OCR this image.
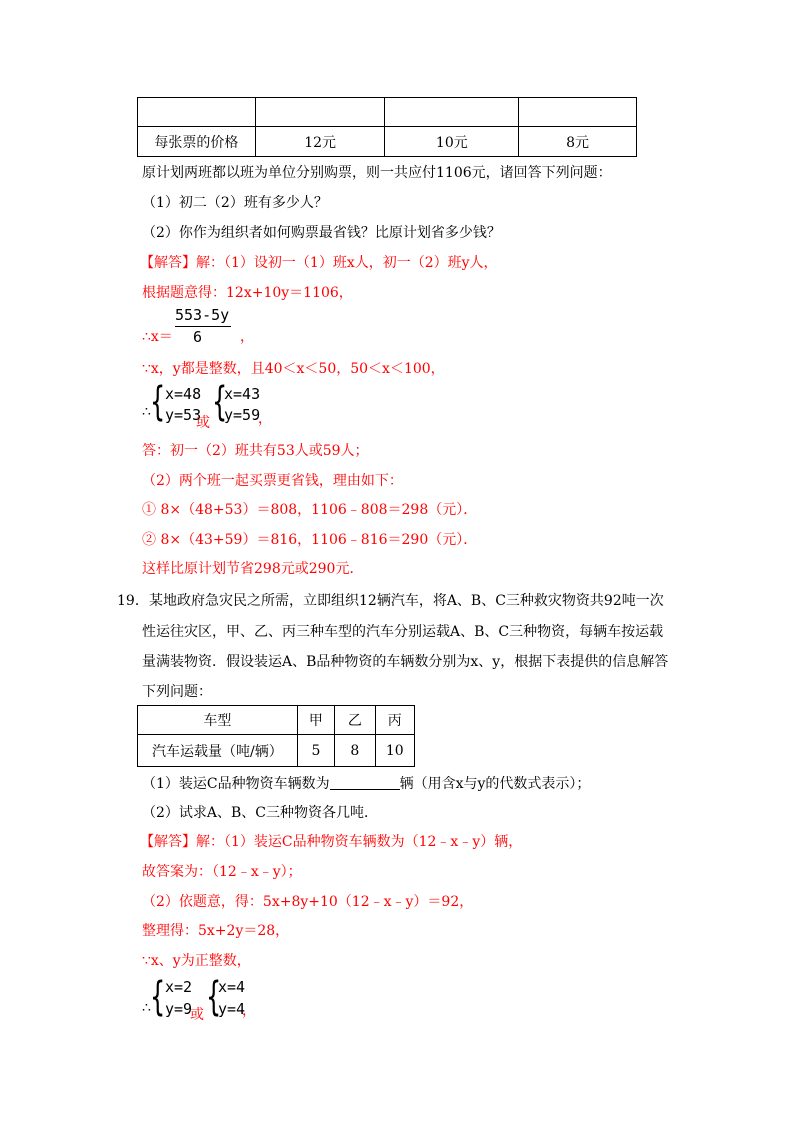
每张票的价格	12元	10元	8元
原计划两班都以班为单位分别购票，则一共应付1106元，诸回答下列问题：
（1）初二（2）班有多少人？
（2）你作为组织者如何购票最省钱？比原计划省多少钱？
【解答】解：（1）设初一（1）班x人，初一（2）班y人，
根据题意得：12x+10y＝1106，
∴x＝
553-5y
6	，
∵x，y都是整数，且40＜x＜50，50＜x＜100，
∴ { x=48
y=53
或 {
x=43
y=59
，
答：初一（2）班共有53人或59人；
（2）两个班一起买票更省钱，理由如下：
① 8×（48+53）＝808，1106﹣808＝298（元）．
② 8×（43+59）＝816，1106﹣816＝290（元）．
这样比原计划节省298元或290元．
19． 某地政府急灾民之所需，立即组织12辆汽车，将A、B、C三种救灾物资共92吨一次
性运往灾区，甲、乙、丙三种车型的汽车分别运载A、B、C三种物资，每辆车按运载
量满装物资．假设装运A、B品种物资的车辆数分别为x、y，根据下表提供的信息解答
下列问题：
车型	甲	乙	丙
汽车运载量（吨/辆）	5	8	10
（1）装运C品种物资车辆数为	辆（用含x与y的代数式表示）；
（2）试求A、B、C三种物资各几吨．
【解答】解：（1）装运C品种物资车辆数为（12﹣x﹣y）辆，
故答案为：（12﹣x﹣y）；
（2）依题意，得：5x+8y+10（12﹣x﹣y）＝92，
整理得：5x+2y＝28，
∵x、y为正整数，
∴ { x=2
y=9
或 {
x=4
y=4
，
